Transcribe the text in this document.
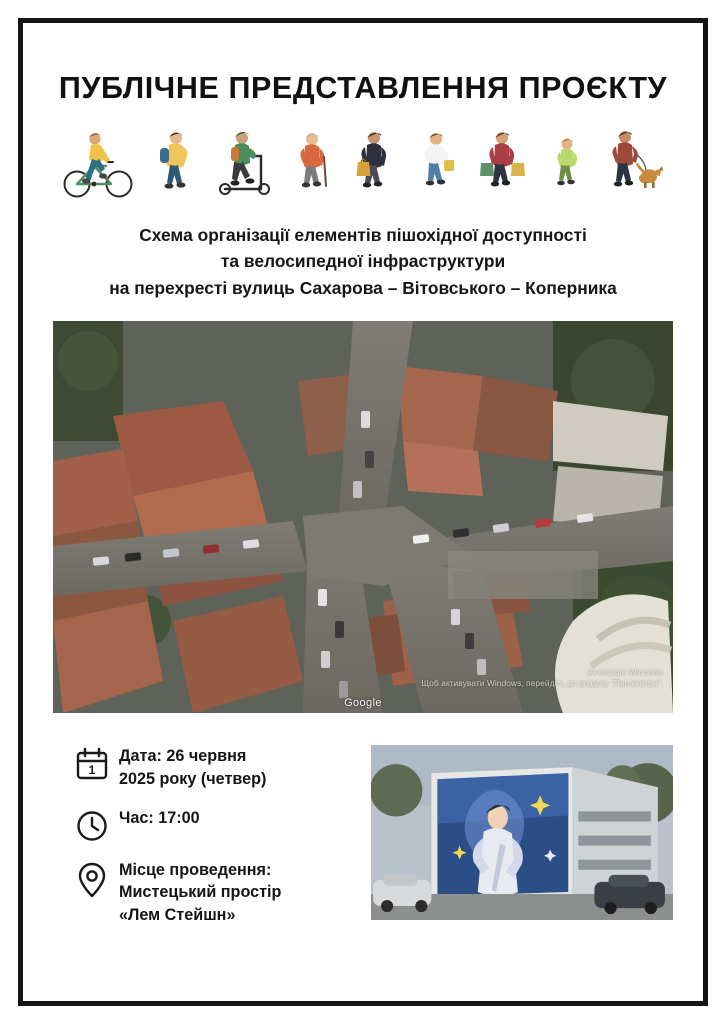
ПУБЛІЧНЕ ПРЕДСТАВЛЕННЯ ПРОЄКТУ
Схема організації елементів пішохідної доступності
та велосипедної інфраструктури
на перехресті вулиць Сахарова – Вітовського – Коперника
Активація Windows
Щоб активувати Windows, перейдіть до розділу "Параметри".
Google
1
Дата: 26 червня
2025 року (четвер)
Час: 17:00
Місце проведення:
Мистецький простір
«Лем Стейшн»
